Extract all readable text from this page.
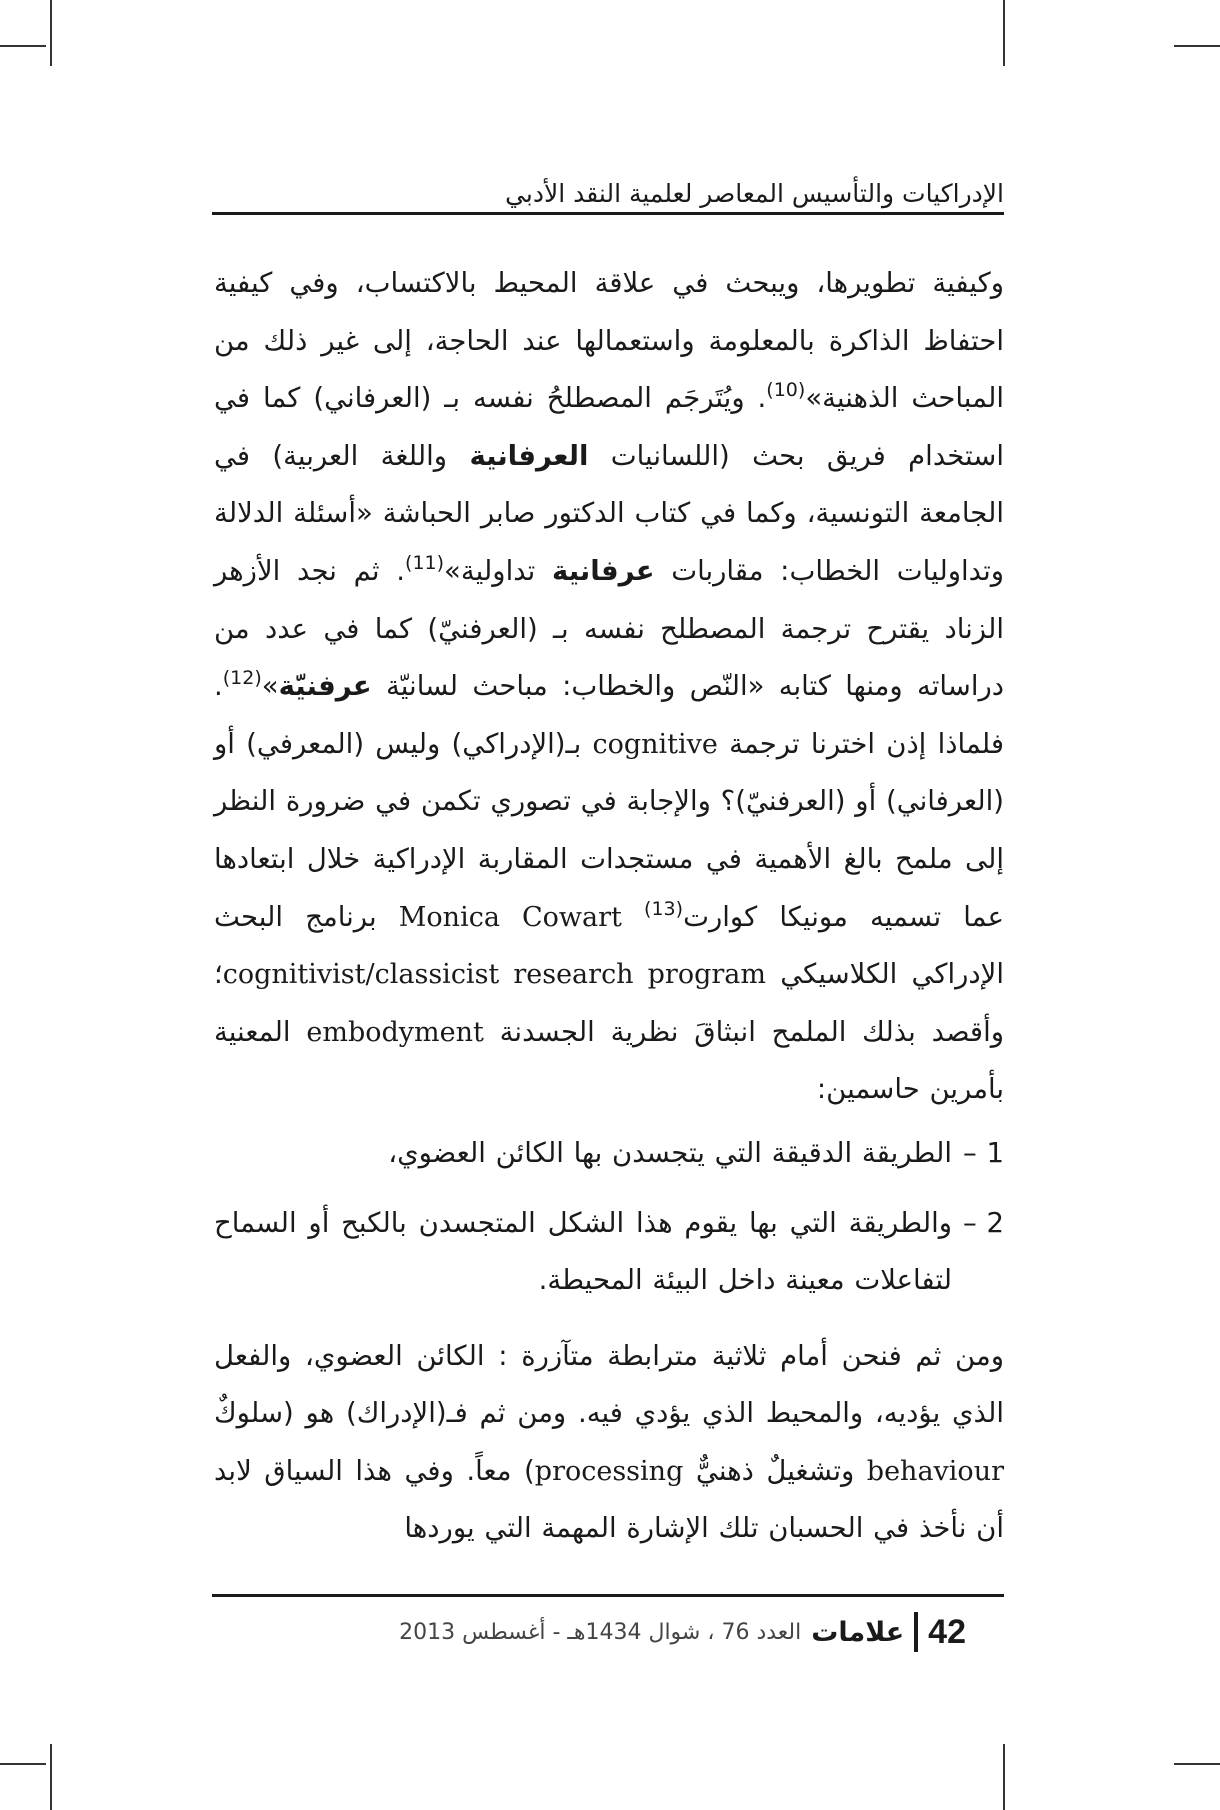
الإدراكيات والتأسيس المعاصر لعلمية النقد الأدبي

وكيفية تطويرها، ويبحث في علاقة المحيط بالاكتساب، وفي كيفية احتفاظ الذاكرة بالمعلومة واستعمالها عند الحاجة، إلى غير ذلك من المباحث الذهنية»$^{(10)}$. ويُتَرجَم المصطلحُ نفسه بـ (العرفاني) كما في استخدام فريق بحث (اللسانيات العرفانية واللغة العربية) في الجامعة التونسية، وكما في كتاب الدكتور صابر الحباشة «أسئلة الدلالة وتداوليات الخطاب: مقاربات عرفانية تداولية»$^{(11)}$. ثم نجد الأزهر الزناد يقترح ترجمة المصطلح نفسه بـ (العرفنيّ) كما في عدد من دراساته ومنها كتابه «النّص والخطاب: مباحث لسانيّة عرفنيّة»$^{(12)}$. فلماذا إذن اخترنا ترجمة cognitive بـ(الإدراكي) وليس (المعرفي) أو (العرفاني) أو (العرفنيّ)؟ والإجابة في تصوري تكمن في ضرورة النظر إلى ملمح بالغ الأهمية في مستجدات المقاربة الإدراكية خلال ابتعادها عما تسميه مونيكا كوارت$^{(13)}$ Monica Cowart برنامج البحث الإدراكي الكلاسيكي cognitivist/classicist research program؛ وأقصد بذلك الملمح انبثاقَ نظرية الجسدنة embodyment المعنية بأمرين حاسمين:

1 –
الطريقة الدقيقة التي يتجسدن بها الكائن العضوي،
2 –
والطريقة التي بها يقوم هذا الشكل المتجسدن بالكبح أو السماح لتفاعلات معينة داخل البيئة المحيطة.

ومن ثم فنحن أمام ثلاثية مترابطة متآزرة : الكائن العضوي، والفعل الذي يؤديه، والمحيط الذي يؤدي فيه. ومن ثم فـ(الإدراك) هو (سلوكٌ behaviour وتشغيلٌ ذهنيٌّ processing) معاً. وفي هذا السياق لابد أن نأخذ في الحسبان تلك الإشارة المهمة التي يوردها

42
علامات
العدد 76 ، شوال 1434هـ - أغسطس 2013
